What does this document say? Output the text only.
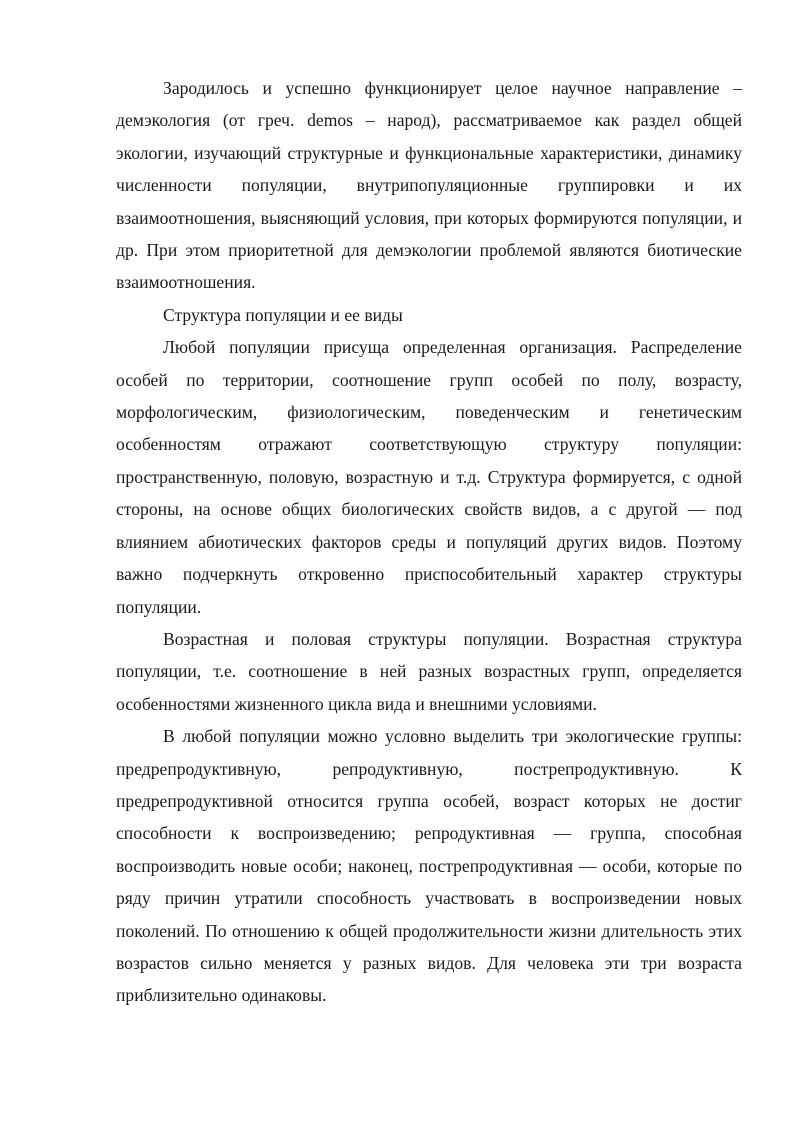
Зародилось и успешно функционирует целое научное направление – демэкология (от греч. demos – народ), рассматриваемое как раздел общей экологии, изучающий структурные и функциональные характеристики, динамику численности популяции, внутрипопуляционные группировки и их взаимоотношения, выясняющий условия, при которых формируются популяции, и др. При этом приоритетной для демэкологии проблемой являются биотические взаимоотношения.

Структура популяции и ее виды

Любой популяции присуща определенная организация. Распределение особей по территории, соотношение групп особей по полу, возрасту, морфологическим, физиологическим, поведенческим и генетическим особенностям отражают соответствующую структуру популяции: пространственную, половую, возрастную и т.д. Структура формируется, с одной стороны, на основе общих биологических свойств видов, а с другой — под влиянием абиотических факторов среды и популяций других видов. Поэтому важно подчеркнуть откровенно приспособительный характер структуры популяции.

Возрастная и половая структуры популяции. Возрастная структура популяции, т.е. соотношение в ней разных возрастных групп, определяется особенностями жизненного цикла вида и внешними условиями.

В любой популяции можно условно выделить три экологические группы: предрепродуктивную, репродуктивную, пострепродуктивную. К предрепродуктивной относится группа особей, возраст которых не достиг способности к воспроизведению; репродуктивная — группа, способная воспроизводить новые особи; наконец, пострепродуктивная — особи, которые по ряду причин утратили способность участвовать в воспроизведении новых поколений. По отношению к общей продолжительности жизни длительность этих возрастов сильно меняется у разных видов. Для человека эти три возраста приблизительно одинаковы.
